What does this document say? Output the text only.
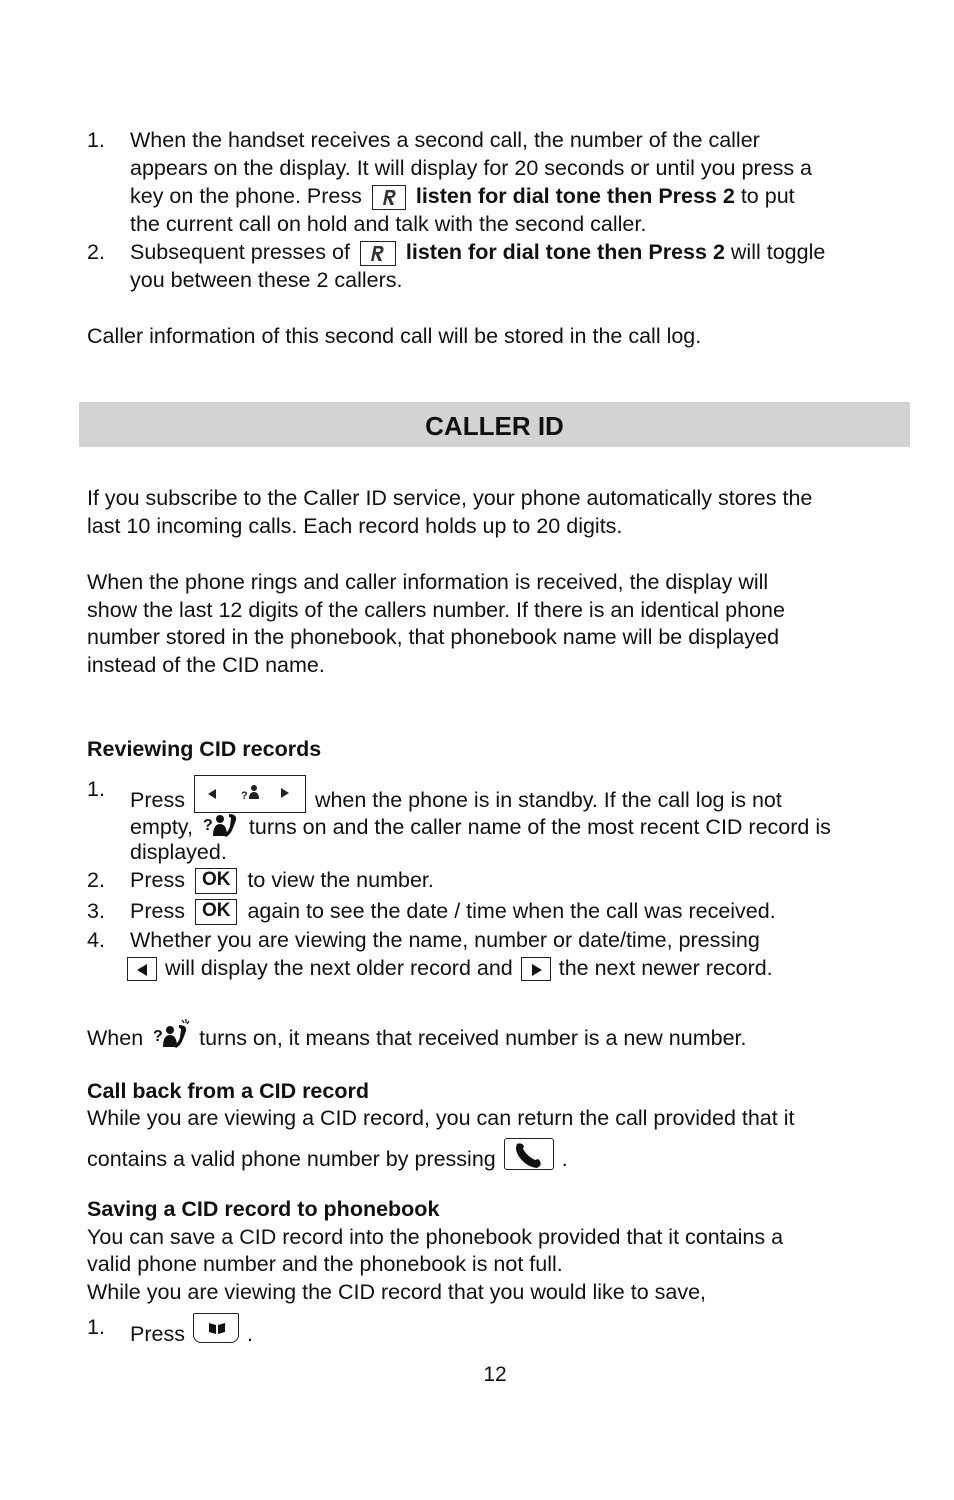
1. When the handset receives a second call, the number of the caller
appears on the display. It will display for 20 seconds or until you press a
key on the phone. Press	listen for dial tone then Press 2 to put
the current call on hold and talk with the second caller.
2. Subsequent presses of	listen for dial tone then Press 2 will toggle
you between these 2 callers.
Caller information of this second call will be stored in the call log.
CALLER ID
If you subscribe to the Caller ID service, your phone automatically stores the
last 10 incoming calls. Each record holds up to 20 digits.
When the phone rings and caller information is received, the display will
show the last 12 digits of the callers number. If there is an identical phone
number stored in the phonebook, that phonebook name will be displayed
instead of the CID name.
Reviewing CID records
1. Press	?	when the phone is in standby. If the call log is not
empty, ? turns on and the caller name of the most recent CID record is
displayed.
2. Press OK to view the number.
3. Press OK again to see the date / time when the call was received.
4. Whether you are viewing the name, number or date/time, pressing
will display the next older record and the next newer record.
When ? turns on, it means that received number is a new number.
Call back from a CID record
While you are viewing a CID record, you can return the call provided that it
contains a valid phone number by pressing	.
Saving a CID record to phonebook
You can save a CID record into the phonebook provided that it contains a
valid phone number and the phonebook is not full.
While you are viewing the CID record that you would like to save,
1. Press	.
12
